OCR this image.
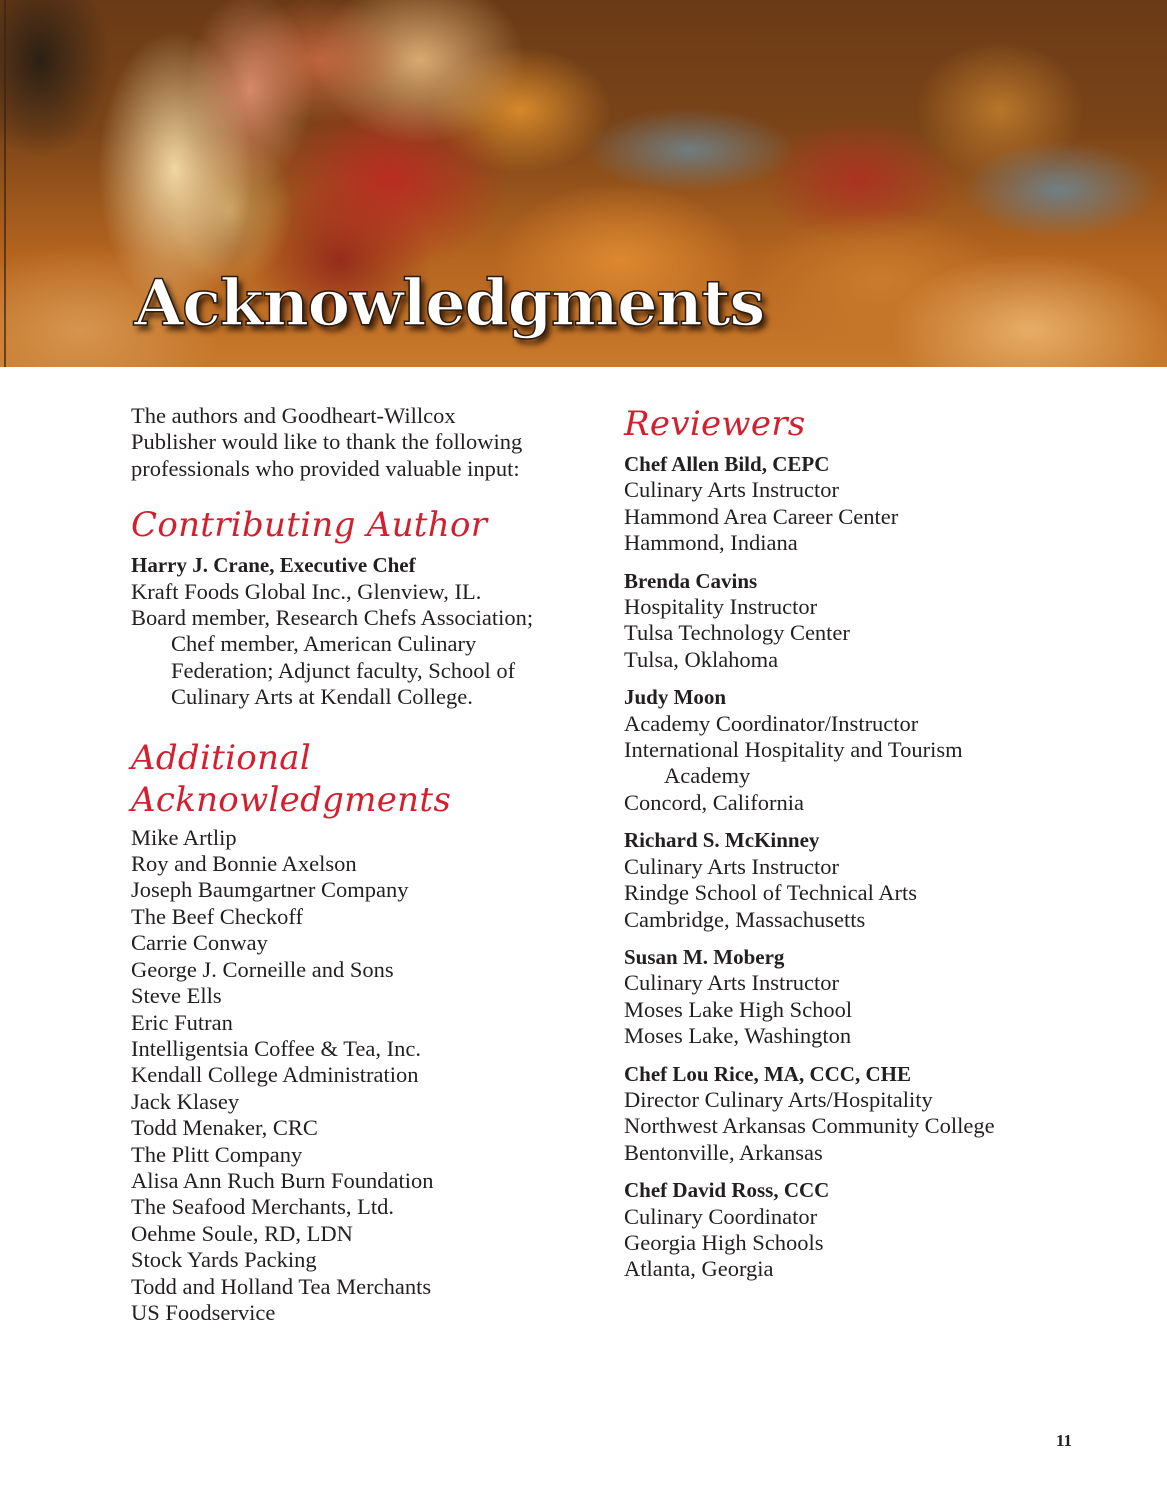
Acknowledgments

The authors and Goodheart-Willcox
Publisher would like to thank the following
professionals who provided valuable input:

Contributing Author

Harry J. Crane, Executive Chef

Kraft Foods Global Inc., Glenview, IL.

Board member, Research Chefs Association;

Chef member, American Culinary

Federation; Adjunct faculty, School of

Culinary Arts at Kendall College.

Additional
Acknowledgments
Mike Artlip
Roy and Bonnie Axelson
Joseph Baumgartner Company
The Beef Checkoff
Carrie Conway
George J. Corneille and Sons
Steve Ells
Eric Futran
Intelligentsia Coffee & Tea, Inc.
Kendall College Administration
Jack Klasey
Todd Menaker, CRC
The Plitt Company
Alisa Ann Ruch Burn Foundation
The Seafood Merchants, Ltd.
Oehme Soule, RD, LDN
Stock Yards Packing
Todd and Holland Tea Merchants
US Foodservice
Reviewers

Chef Allen Bild, CEPC

Culinary Arts Instructor

Hammond Area Career Center

Hammond, Indiana

Brenda Cavins

Hospitality Instructor

Tulsa Technology Center

Tulsa, Oklahoma

Judy Moon

Academy Coordinator/Instructor

International Hospitality and Tourism

Academy

Concord, California

Richard S. McKinney

Culinary Arts Instructor

Rindge School of Technical Arts

Cambridge, Massachusetts

Susan M. Moberg

Culinary Arts Instructor

Moses Lake High School

Moses Lake, Washington

Chef Lou Rice, MA, CCC, CHE

Director Culinary Arts/Hospitality

Northwest Arkansas Community College

Bentonville, Arkansas

Chef David Ross, CCC

Culinary Coordinator

Georgia High Schools

Atlanta, Georgia

11
